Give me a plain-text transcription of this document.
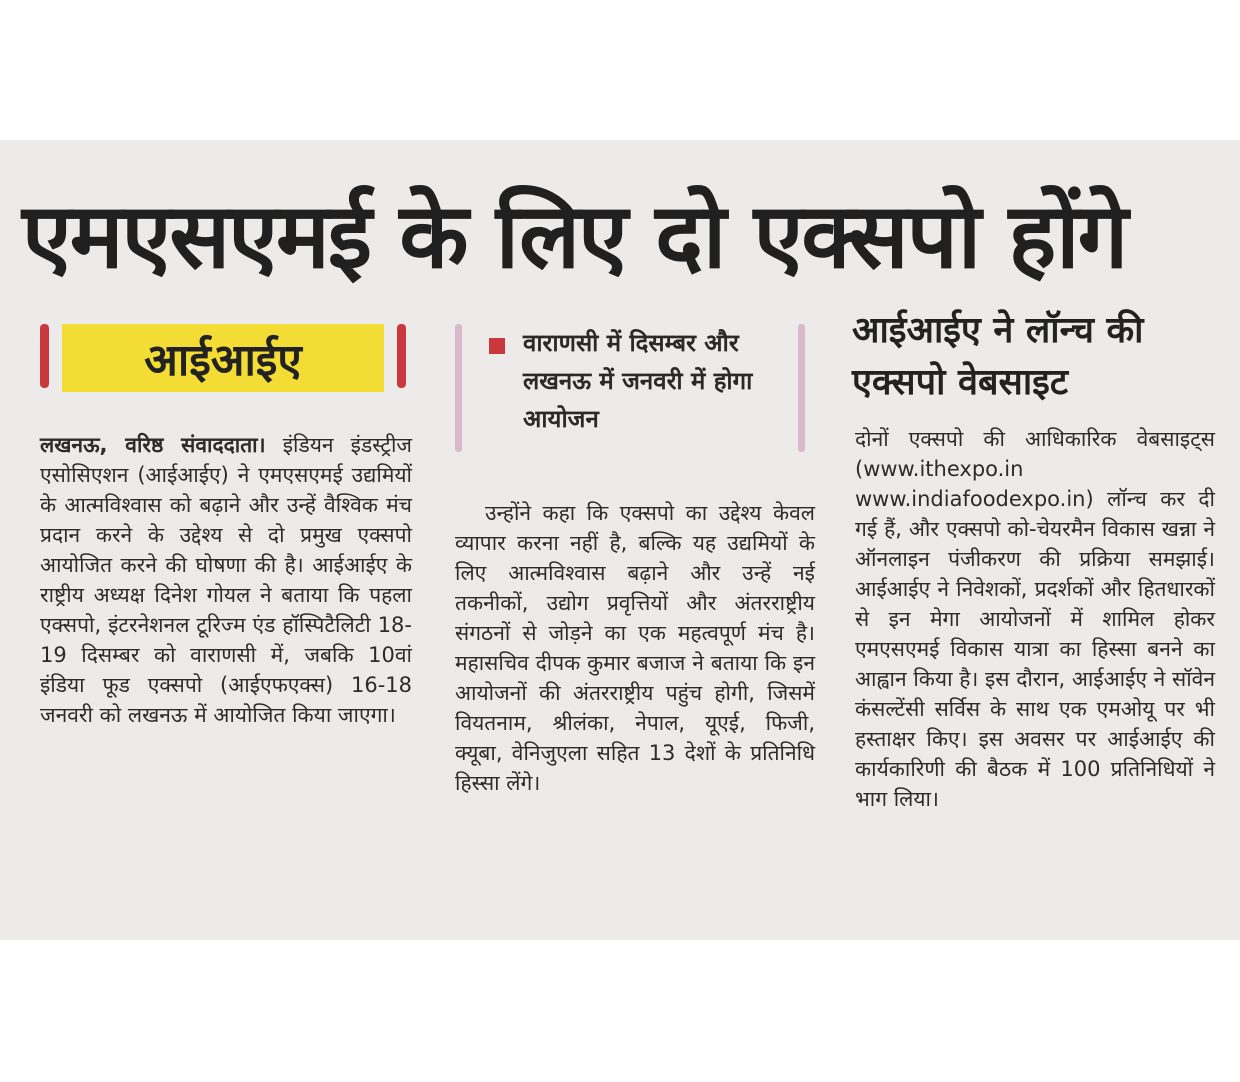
एमएसएमई के लिए दो एक्सपो होंगे
आईआईए	वाराणसी में दिसम्बर और लखनऊ में जनवरी में होगा आयोजन

लखनऊ, वरिष्ठ संवाददाता। इंडियन इंडस्ट्रीज एसोसिएशन (आईआईए) ने एमएसएमई उद्यमियों के आत्मविश्वास को बढ़ाने और उन्हें वैश्विक मंच प्रदान करने के उद्देश्य से दो प्रमुख एक्सपो आयोजित करने की घोषणा की है। आईआईए के राष्ट्रीय अध्यक्ष दिनेश गोयल ने बताया कि पहला एक्सपो, इंटरनेशनल टूरिज्म एंड हॉस्पिटैलिटी 18-19 दिसम्बर को वाराणसी में, जबकि 10वां इंडिया फूड एक्सपो (आईएफएक्स) 16-18 जनवरी को लखनऊ में आयोजित किया जाएगा।

उन्होंने कहा कि एक्सपो का उद्देश्य केवल व्यापार करना नहीं है, बल्कि यह उद्यमियों के लिए आत्मविश्वास बढ़ाने और उन्हें नई तकनीकों, उद्योग प्रवृत्तियों और अंतरराष्ट्रीय संगठनों से जोड़ने का एक महत्वपूर्ण मंच है। महासचिव दीपक कुमार बजाज ने बताया कि इन आयोजनों की अंतरराष्ट्रीय पहुंच होगी, जिसमें वियतनाम, श्रीलंका, नेपाल, यूएई, फिजी, क्यूबा, वेनिजुएला सहित 13 देशों के प्रतिनिधि हिस्सा लेंगे।

आईआईए ने लॉन्च की एक्सपो वेबसाइट

दोनों एक्सपो की आधिकारिक वेबसाइट्स (www.ithexpo.in www.indiafoodexpo.in) लॉन्च कर दी गई हैं, और एक्सपो को-चेयरमैन विकास खन्ना ने ऑनलाइन पंजीकरण की प्रक्रिया समझाई। आईआईए ने निवेशकों, प्रदर्शकों और हितधारकों से इन मेगा आयोजनों में शामिल होकर एमएसएमई विकास यात्रा का हिस्सा बनने का आह्वान किया है। इस दौरान, आईआईए ने सॉवेन कंसल्टेंसी सर्विस के साथ एक एमओयू पर भी हस्ताक्षर किए। इस अवसर पर आईआईए की कार्यकारिणी की बैठक में 100 प्रतिनिधियों ने भाग लिया।
